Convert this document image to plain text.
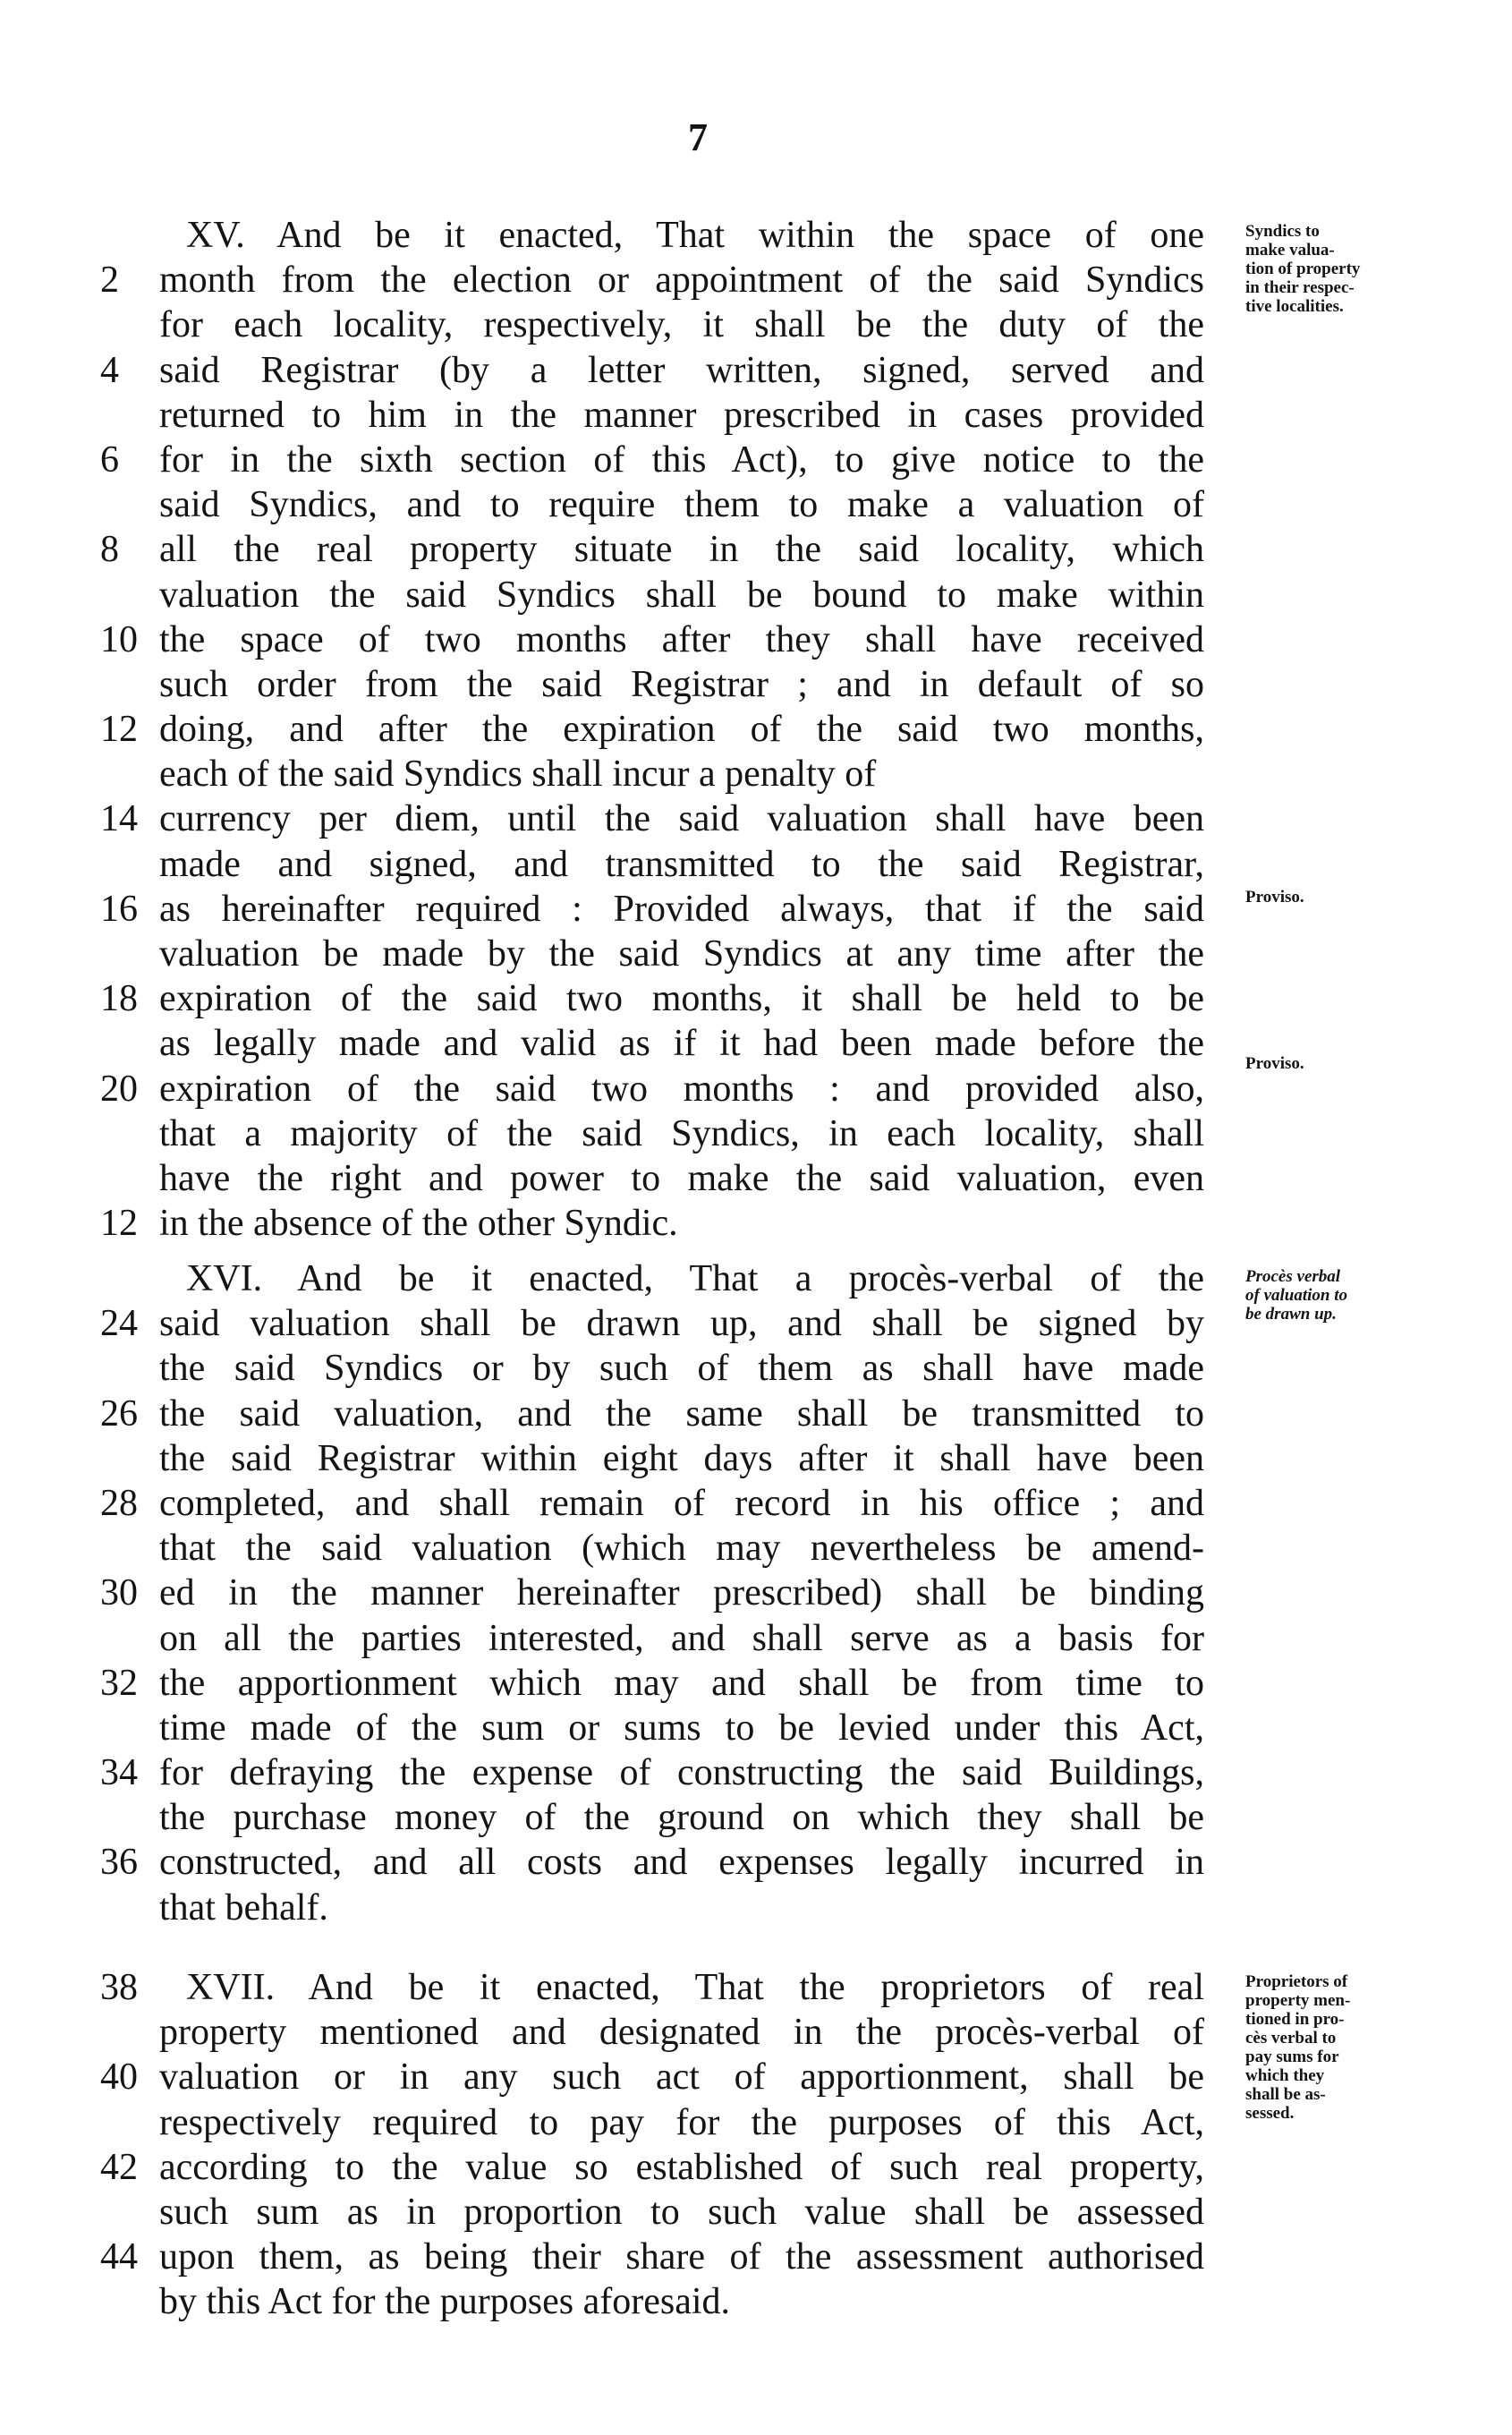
7
XV. And be it enacted, That within the space of one
2	month from the election or appointment of the said Syndics
for each locality, respectively, it shall be the duty of the
4	said Registrar (by a letter written, signed, served and
returned to him in the manner prescribed in cases provided
6	for in the sixth section of this Act), to give notice to the
said Syndics, and to require them to make a valuation of
8	all the real property situate in the said locality, which
valuation the said Syndics shall be bound to make within
10 the space of two months after they shall have received
such order from the said Registrar ; and in default of so
12 doing, and after the expiration of the said two months,
each of the said Syndics shall incur a penalty of
14 currency per diem, until the said valuation shall have been
made and signed, and transmitted to the said Registrar,
16 as hereinafter required : Provided always, that if the said
valuation be made by the said Syndics at any time after the
18 expiration of the said two months, it shall be held to be
as legally made and valid as if it had been made before the
20 expiration of the said two months : and provided also,
that a majority of the said Syndics, in each locality, shall
have the right and power to make the said valuation, even
12 in the absence of the other Syndic.
Syndics to
make valua-
tion of property
in their respec-
tive localities.
Proviso.
Proviso.
XVI. And be it enacted, That a procès-verbal of the
24 said valuation shall be drawn up, and shall be signed by
the said Syndics or by such of them as shall have made
26 the said valuation, and the same shall be transmitted to
the said Registrar within eight days after it shall have been
28 completed, and shall remain of record in his office ; and
that the said valuation (which may nevertheless be amend-
30 ed in the manner hereinafter prescribed) shall be binding
on all the parties interested, and shall serve as a basis for
32 the apportionment which may and shall be from time to
time made of the sum or sums to be levied under this Act,
34 for defraying the expense of constructing the said Buildings,
the purchase money of the ground on which they shall be
36 constructed, and all costs and expenses legally incurred in
that behalf.
Procès verbal
of valuation to
be drawn up.
38	XVII. And be it enacted, That the proprietors of real
property mentioned and designated in the procès-verbal of
40 valuation or in any such act of apportionment, shall be
respectively required to pay for the purposes of this Act,
42 according to the value so established of such real property,
such sum as in proportion to such value shall be assessed
44 upon them, as being their share of the assessment authorised
by this Act for the purposes aforesaid.
Proprietors of
property men-
tioned in pro-
cès verbal to
pay sums for
which they
shall be as-
sessed.
